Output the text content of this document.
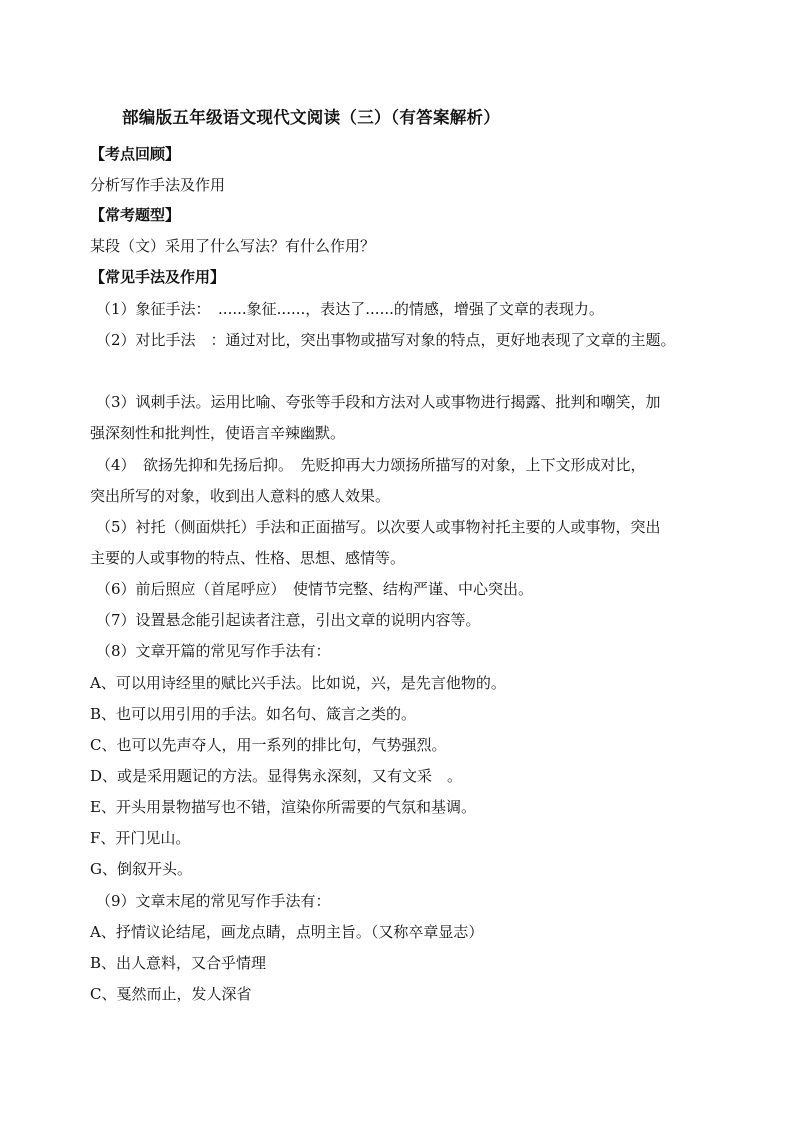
部编版五年级语文现代文阅读（三）（有答案解析）
【考点回顾】
分析写作手法及作用
【常考题型】
某段（文）采用了什么写法？有什么作用？
【常见手法及作用】
（1）象征手法：　......象征......，表达了......的情感，增强了文章的表现力。
（2）对比手法　：通过对比，突出事物或描写对象的特点，更好地表现了文章的主题。
（3）讽刺手法。运用比喻、夸张等手段和方法对人或事物进行揭露、批判和嘲笑，加
强深刻性和批判性，使语言辛辣幽默。
（4）　欲扬先抑和先扬后抑。　先贬抑再大力颂扬所描写的对象，上下文形成对比，
突出所写的对象，收到出人意料的感人效果。
（5）衬托（侧面烘托）手法和正面描写。以次要人或事物衬托主要的人或事物，突出
主要的人或事物的特点、性格、思想、感情等。
（6）前后照应（首尾呼应）　使情节完整、结构严谨、中心突出。
（7）设置悬念能引起读者注意，引出文章的说明内容等。
（8）文章开篇的常见写作手法有：
A、可以用诗经里的赋比兴手法。比如说，兴，是先言他物的。
B、也可以用引用的手法。如名句、箴言之类的。
C、也可以先声夺人，用一系列的排比句，气势强烈。
D、或是采用题记的方法。显得隽永深刻，又有文采　。
E、开头用景物描写也不错，渲染你所需要的气氛和基调。
F、开门见山。
G、倒叙开头。
（9）文章末尾的常见写作手法有：
A、抒情议论结尾，画龙点睛，点明主旨。（又称卒章显志）
B、出人意料，又合乎情理
C、戛然而止，发人深省
